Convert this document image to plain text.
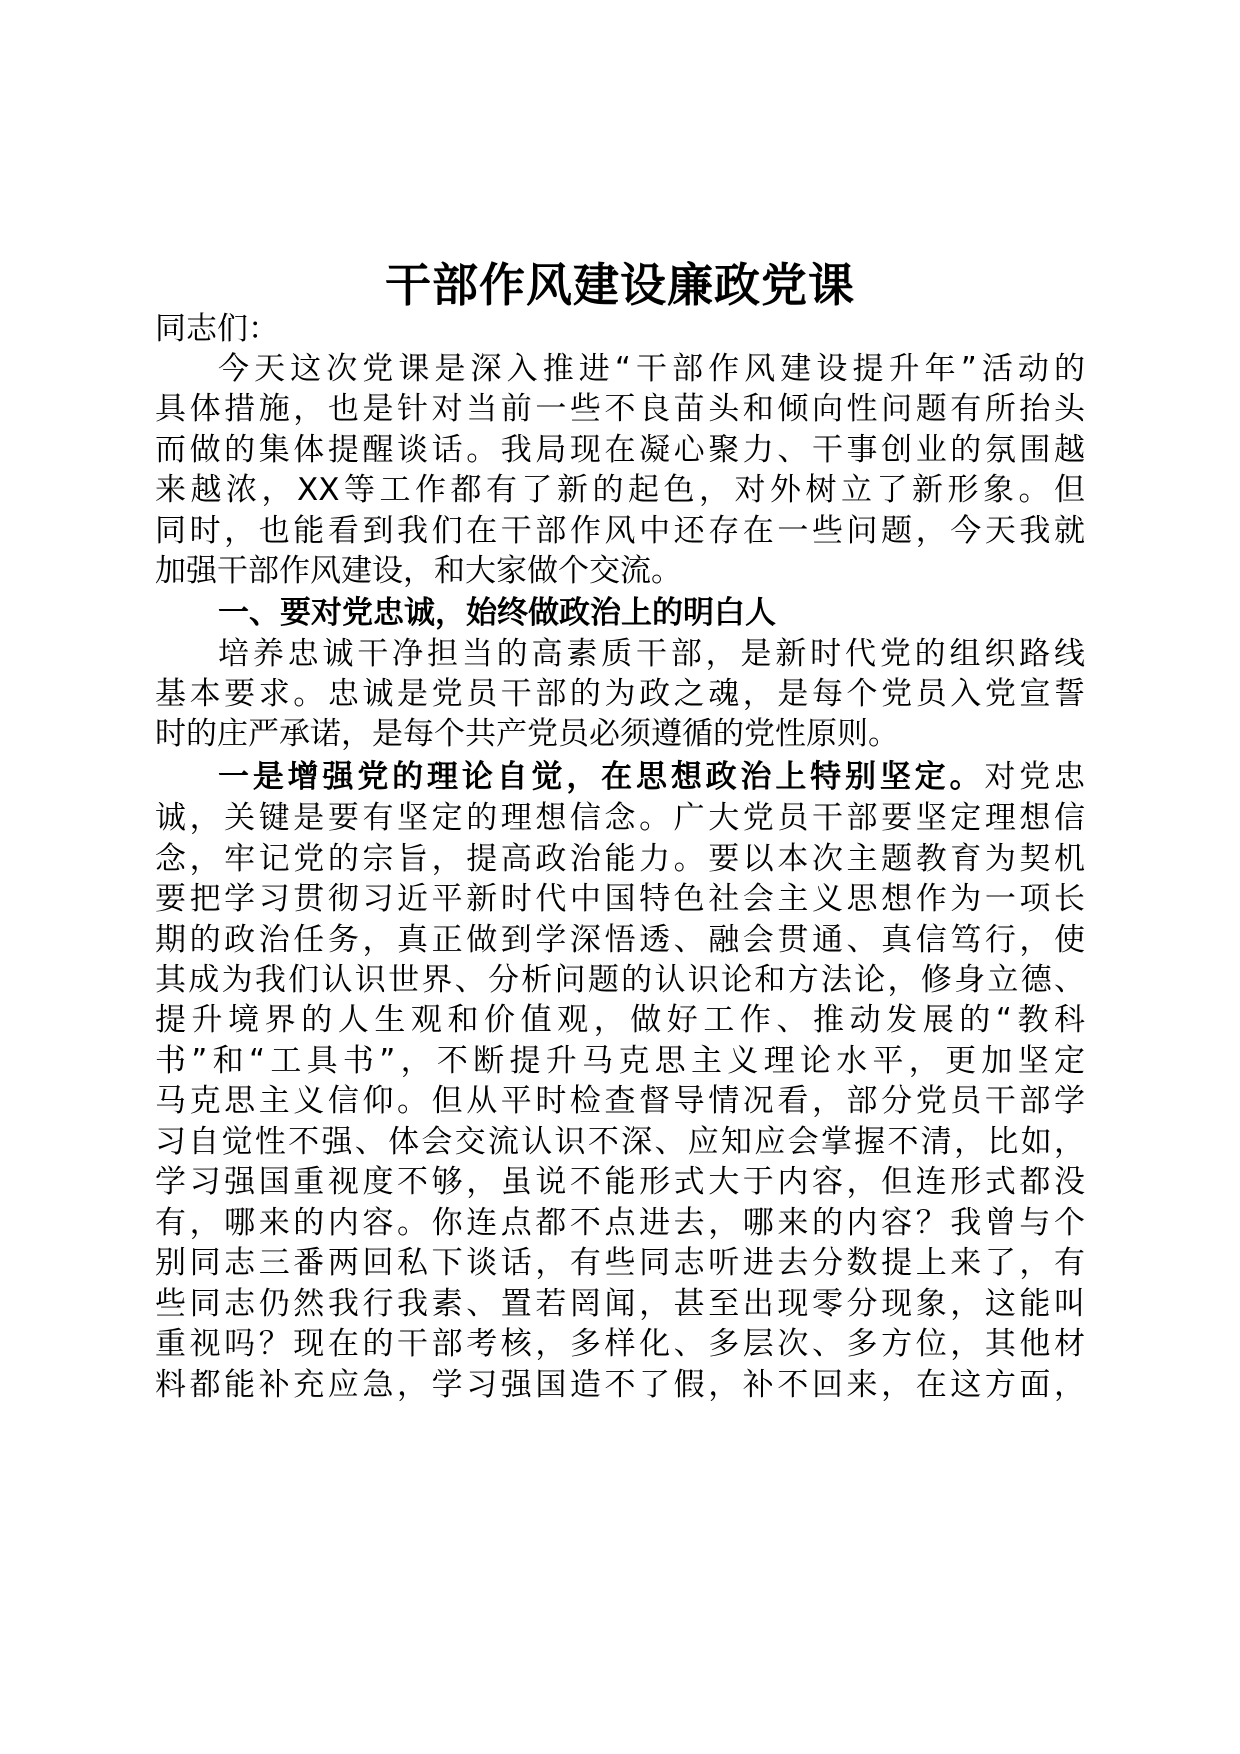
干部作风建设廉政党课
同志们：
今天这次党课是深入推进“干部作风建设提升年”活动的
具体措施，也是针对当前一些不良苗头和倾向性问题有所抬头
而做的集体提醒谈话。我局现在凝心聚力、干事创业的氛围越
来越浓，XX等工作都有了新的起色，对外树立了新形象。但
同时，也能看到我们在干部作风中还存在一些问题，今天我就
加强干部作风建设，和大家做个交流。
一、要对党忠诚，始终做政治上的明白人
培养忠诚干净担当的高素质干部，是新时代党的组织路线
基本要求。忠诚是党员干部的为政之魂，是每个党员入党宣誓
时的庄严承诺，是每个共产党员必须遵循的党性原则。
一是增强党的理论自觉，在思想政治上特别坚定。对党忠
诚，关键是要有坚定的理想信念。广大党员干部要坚定理想信
念，牢记党的宗旨，提高政治能力。要以本次主题教育为契机
要把学习贯彻习近平新时代中国特色社会主义思想作为一项长
期的政治任务，真正做到学深悟透、融会贯通、真信笃行，使
其成为我们认识世界、分析问题的认识论和方法论，修身立德、
提升境界的人生观和价值观，做好工作、推动发展的“教科
书”和“工具书”，不断提升马克思主义理论水平，更加坚定
马克思主义信仰。但从平时检查督导情况看，部分党员干部学
习自觉性不强、体会交流认识不深、应知应会掌握不清，比如，
学习强国重视度不够，虽说不能形式大于内容，但连形式都没
有，哪来的内容。你连点都不点进去，哪来的内容？我曾与个
别同志三番两回私下谈话，有些同志听进去分数提上来了，有
些同志仍然我行我素、置若罔闻，甚至出现零分现象，这能叫
重视吗？现在的干部考核，多样化、多层次、多方位，其他材
料都能补充应急，学习强国造不了假，补不回来，在这方面，
